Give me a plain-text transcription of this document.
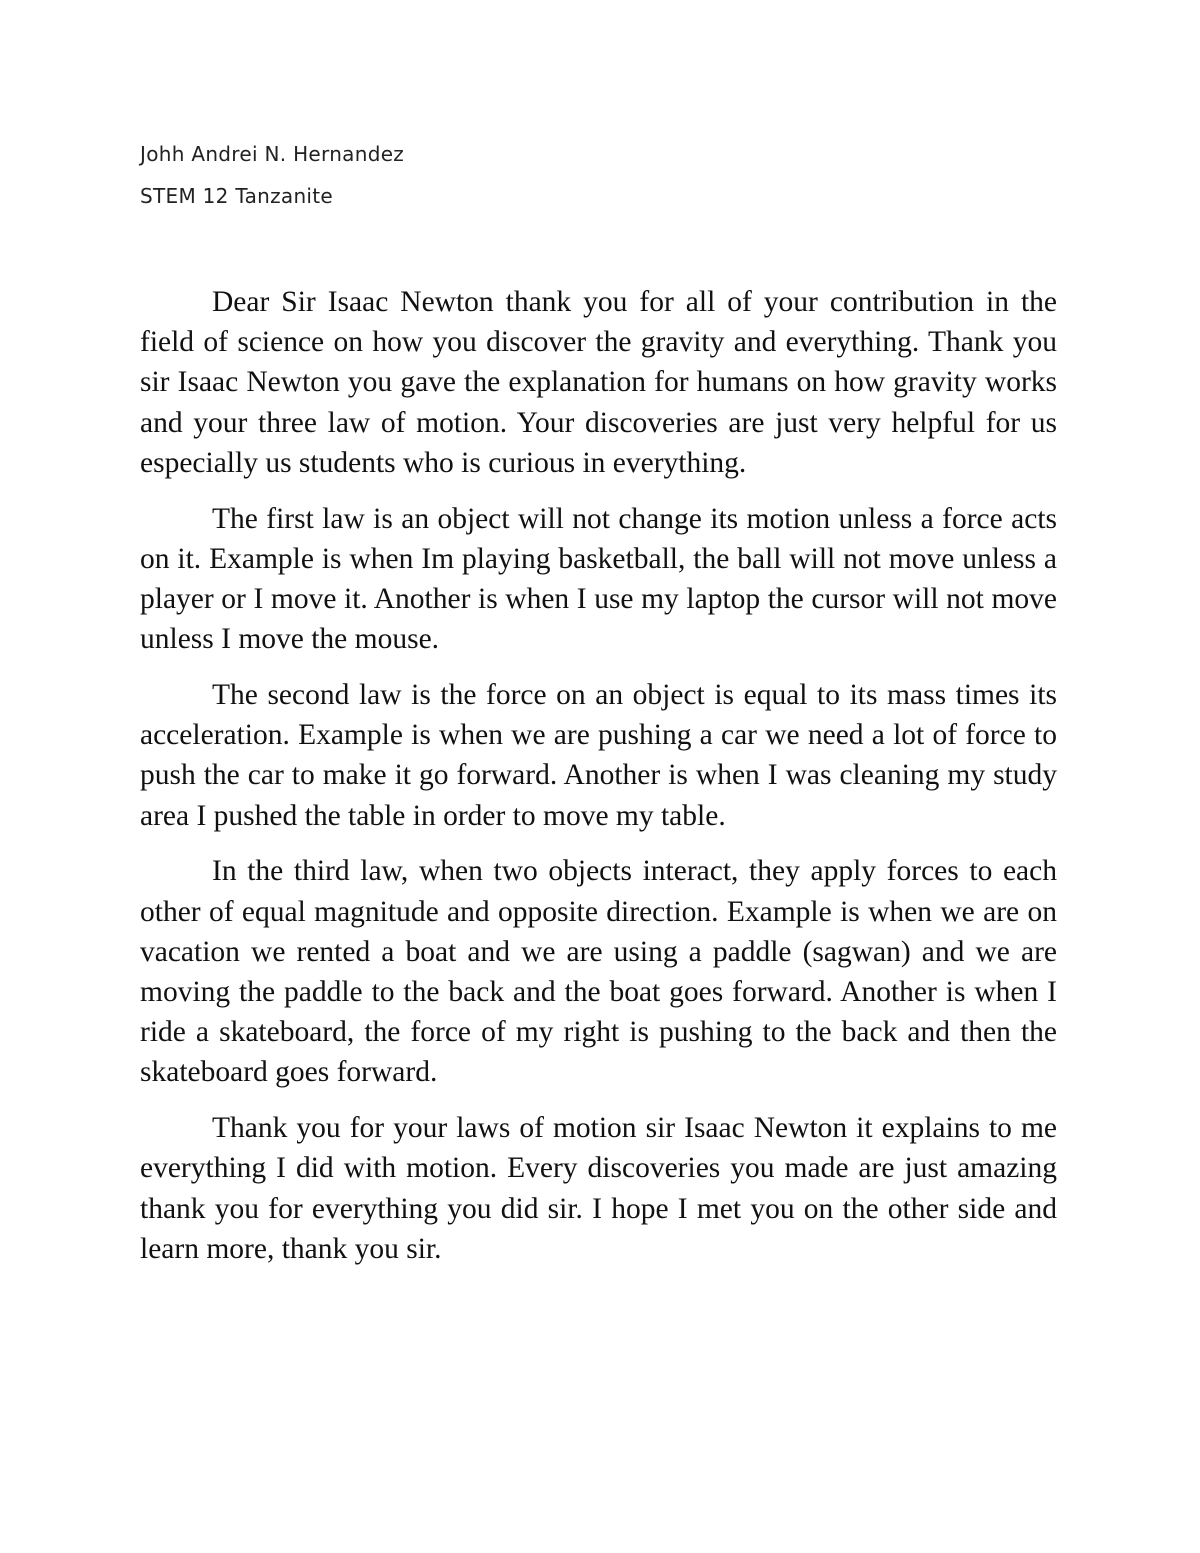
Johh Andrei N. Hernandez
STEM 12 Tanzanite

Dear Sir Isaac Newton thank you for all of your contribution in the field of science on how you discover the gravity and everything. Thank you sir Isaac Newton you gave the explanation for humans on how gravity works and your three law of motion. Your discoveries are just very helpful for us especially us students who is curious in everything.

The first law is an object will not change its motion unless a force acts on it. Example is when Im playing basketball, the ball will not move unless a player or I move it. Another is when I use my laptop the cursor will not move unless I move the mouse.

The second law is the force on an object is equal to its mass times its acceleration. Example is when we are pushing a car we need a lot of force to push the car to make it go forward. Another is when I was cleaning my study area I pushed the table in order to move my table.

In the third law, when two objects interact, they apply forces to each other of equal magnitude and opposite direction. Example is when we are on vacation we rented a boat and we are using a paddle (sagwan) and we are moving the paddle to the back and the boat goes forward. Another is when I ride a skateboard, the force of my right is pushing to the back and then the skateboard goes forward.

Thank you for your laws of motion sir Isaac Newton it explains to me everything I did with motion. Every discoveries you made are just amazing thank you for everything you did sir. I hope I met you on the other side and learn more, thank you sir.
